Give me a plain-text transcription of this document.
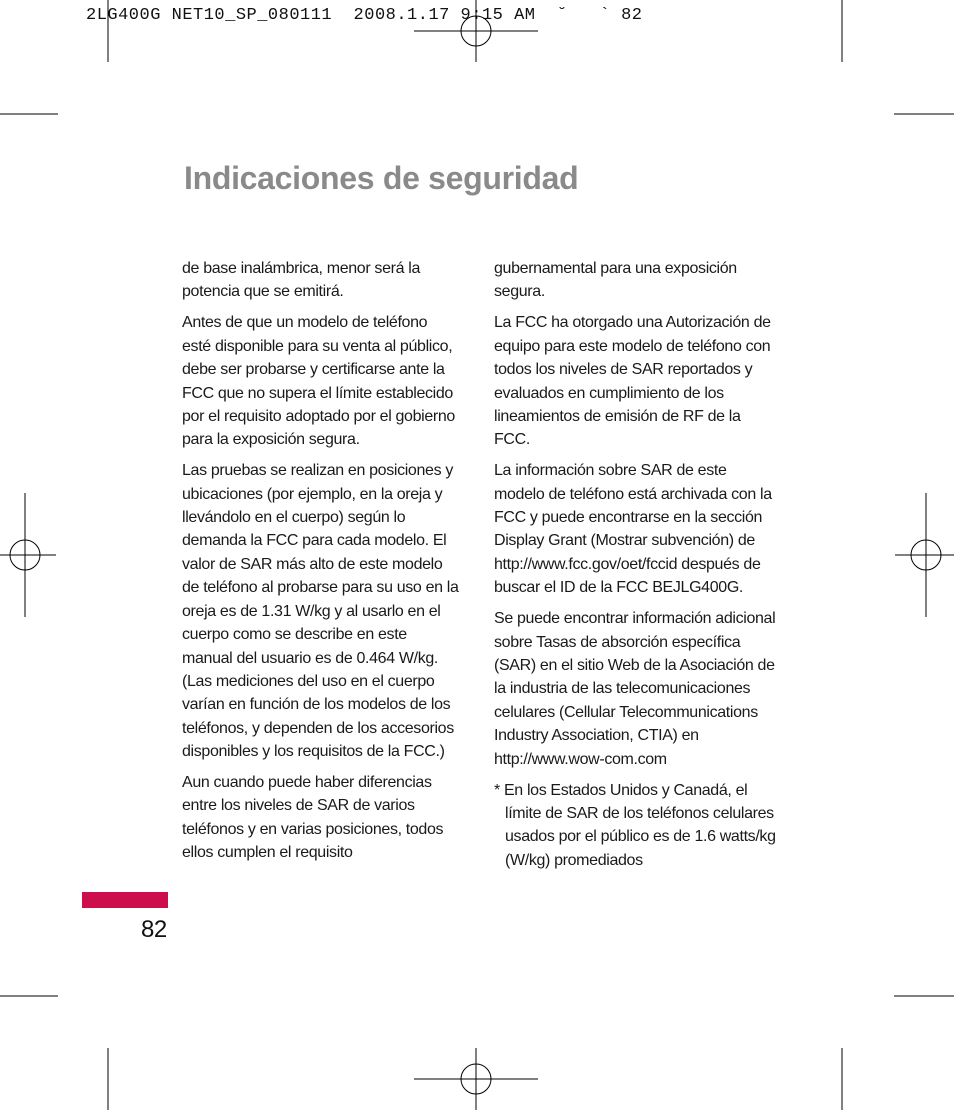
2LG400G NET10_SP_080111  2008.1.17 9:15 AM  ˘   ` 82
Indicaciones de seguridad

de base inalámbrica, menor será la potencia que se emitirá.

Antes de que un modelo de teléfono esté disponible para su venta al público, debe ser probarse y certificarse ante la FCC que no supera el límite establecido por el requisito adoptado por el gobierno para la exposición segura.

Las pruebas se realizan en posiciones y ubicaciones (por ejemplo, en la oreja y llevándolo en el cuerpo) según lo demanda la FCC para cada modelo. El valor de SAR más alto de este modelo de teléfono al probarse para su uso en la oreja es de 1.31 W/kg y al usarlo en el cuerpo como se describe en este manual del usuario es de 0.464 W/kg. (Las mediciones del uso en el cuerpo varían en función de los modelos de los teléfonos, y dependen de los accesorios disponibles y los requisitos de la FCC.)

Aun cuando puede haber diferencias entre los niveles de SAR de varios teléfonos y en varias posiciones, todos ellos cumplen el requisito

gubernamental para una exposición segura.

La FCC ha otorgado una Autorización de equipo para este modelo de teléfono con todos los niveles de SAR reportados y evaluados en cumplimiento de los lineamientos de emisión de RF de la FCC.

La información sobre SAR de este modelo de teléfono está archivada con la FCC y puede encontrarse en la sección Display Grant (Mostrar subvención) de http://www.fcc.gov/oet/fccid después de buscar el ID de la FCC BEJLG400G.

Se puede encontrar información adicional sobre Tasas de absorción específica (SAR) en el sitio Web de la Asociación de la industria de las telecomunicaciones celulares (Cellular Telecommunications Industry Association, CTIA) en http://www.wow-com.com

* En los Estados Unidos y Canadá, el límite de SAR de los teléfonos celulares usados por el público es de 1.6 watts/kg (W/kg) promediados

82
